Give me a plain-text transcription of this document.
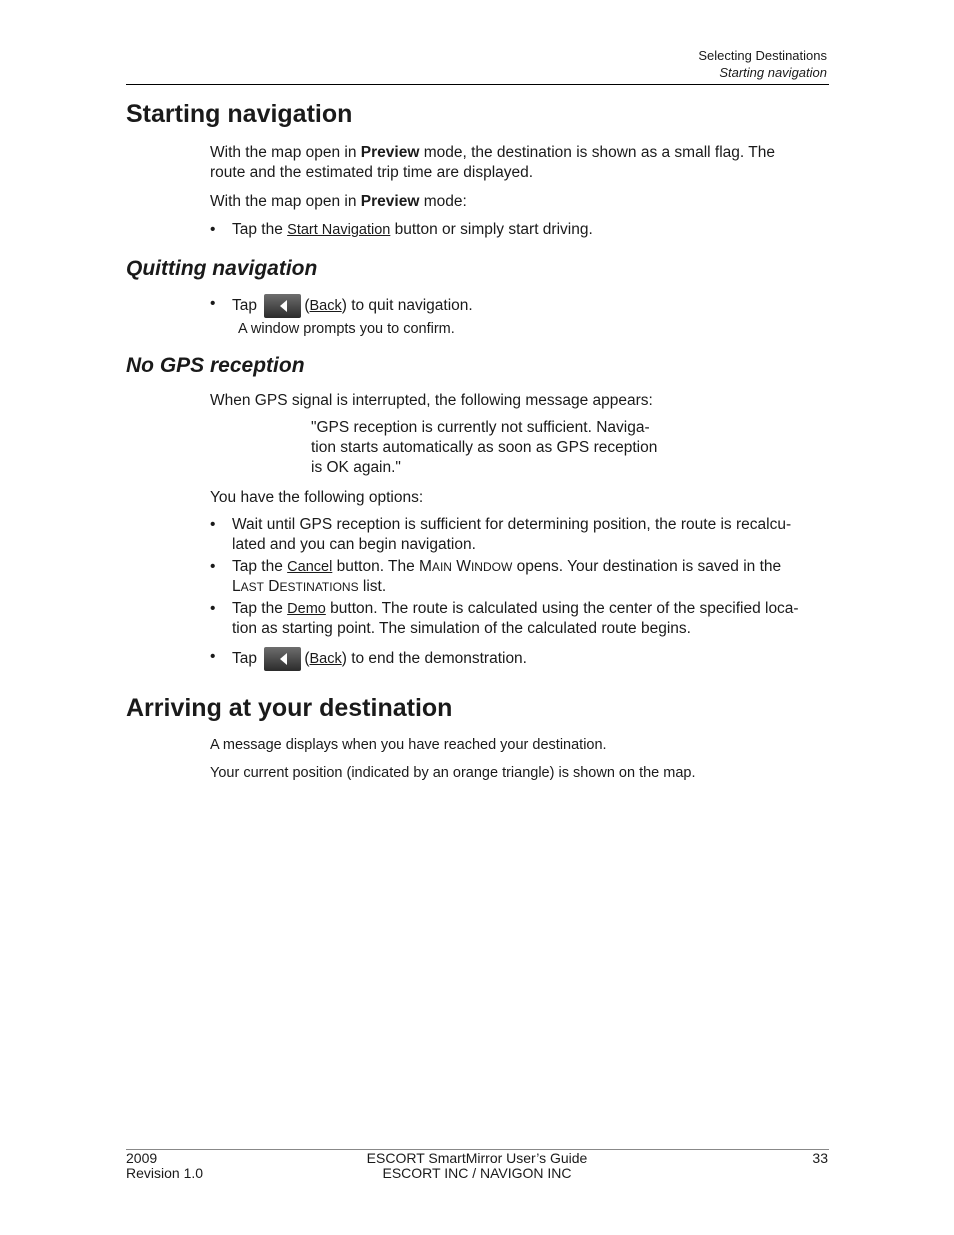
Selecting Destinations
Starting navigation
Starting navigation
With the map open in Preview mode, the destination is shown as a small flag. The
route and the estimated trip time are displayed.
With the map open in Preview mode:
• Tap the Start Navigation button or simply start driving.
Quitting navigation
• Tap	(Back) to quit navigation.
A window prompts you to confirm.
No GPS reception
When GPS signal is interrupted, the following message appears:
"GPS reception is currently not sufficient. Naviga-
tion starts automatically as soon as GPS reception
is OK again."
You have the following options:
• Wait until GPS reception is sufficient for determining position, the route is recalcu-
lated and you can begin navigation.
• Tap the Cancel button. The MAIN WINDOW opens. Your destination is saved in the
LAST DESTINATIONS list.
• Tap the Demo button. The route is calculated using the center of the specified loca-
tion as starting point. The simulation of the calculated route begins.
• Tap	(Back) to end the demonstration.
Arriving at your destination
A message displays when you have reached your destination.
Your current position (indicated by an orange triangle) is shown on the map.
2009
Revision 1.0
ESCORT SmartMirror User’s Guide
ESCORT INC / NAVIGON INC
33
